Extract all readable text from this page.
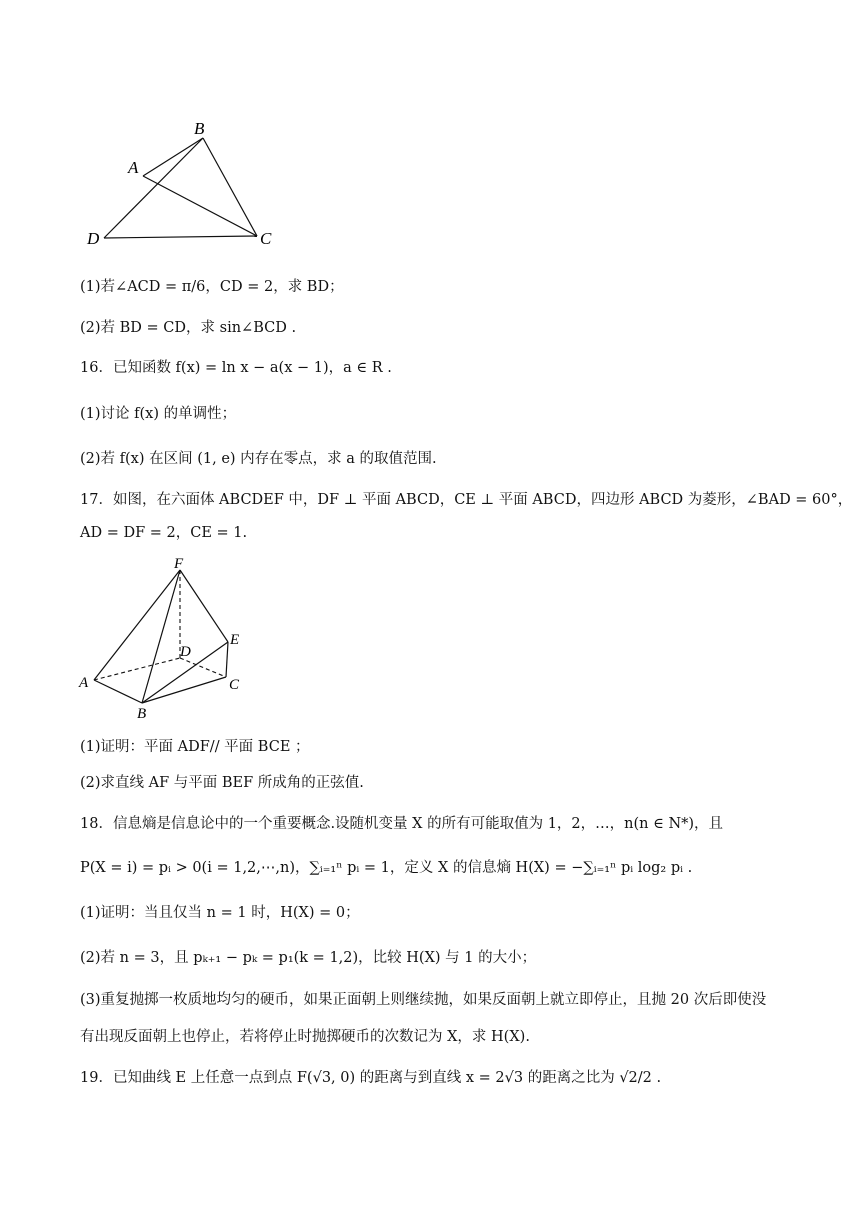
B
A
D	C
(1)若∠ACD = π/6，CD = 2，求 BD；
(2)若 BD = CD，求 sin∠BCD .
16．已知函数 f(x) = ln x − a(x − 1)，a ∈ R .
(1)讨论 f(x) 的单调性；
(2)若 f(x) 在区间 (1, e) 内存在零点，求 a 的取值范围.
17．如图，在六面体 ABCDEF 中，DF ⊥ 平面 ABCD，CE ⊥ 平面 ABCD，四边形 ABCD 为菱形，∠BAD = 60°，
AD = DF = 2，CE = 1.
F
E
D
A	C
B
(1)证明：平面 ADF// 平面 BCE ；
(2)求直线 AF 与平面 BEF 所成角的正弦值.
18．信息熵是信息论中的一个重要概念.设随机变量 X 的所有可能取值为 1，2，…，n(n ∈ N*)，且
P(X = i) = pᵢ > 0(i = 1,2,⋯,n)，∑ᵢ₌₁ⁿ pᵢ = 1，定义 X 的信息熵 H(X) = −∑ᵢ₌₁ⁿ pᵢ log₂ pᵢ .
(1)证明：当且仅当 n = 1 时，H(X) = 0；
(2)若 n = 3，且 pₖ₊₁ − pₖ = p₁(k = 1,2)，比较 H(X) 与 1 的大小；
(3)重复抛掷一枚质地均匀的硬币，如果正面朝上则继续抛，如果反面朝上就立即停止，且抛 20 次后即使没
有出现反面朝上也停止，若将停止时抛掷硬币的次数记为 X，求 H(X).
19．已知曲线 E 上任意一点到点 F(√3, 0) 的距离与到直线 x = 2√3 的距离之比为 √2/2 .
